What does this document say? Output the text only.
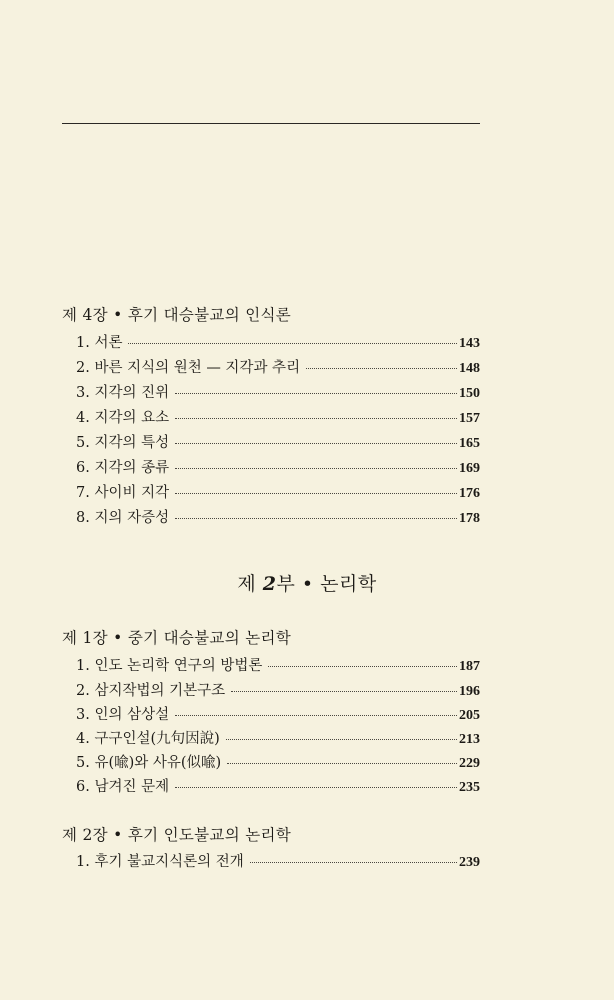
제 4장 • 후기 대승불교의 인식론
1. 서론	143
2. 바른 지식의 원천 — 지각과 추리	148
3. 지각의 진위	150
4. 지각의 요소	157
5. 지각의 특성	165
6. 지각의 종류	169
7. 사이비 지각	176
8. 지의 자증성	178
제 2부 • 논리학
제 1장 • 중기 대승불교의 논리학
1. 인도 논리학 연구의 방법론	187
2. 삼지작법의 기본구조	196
3. 인의 삼상설	205
4. 구구인설(九句因說)	213
5. 유(喩)와 사유(似喩)	229
6. 남겨진 문제	235
제 2장 • 후기 인도불교의 논리학
1. 후기 불교지식론의 전개	239
